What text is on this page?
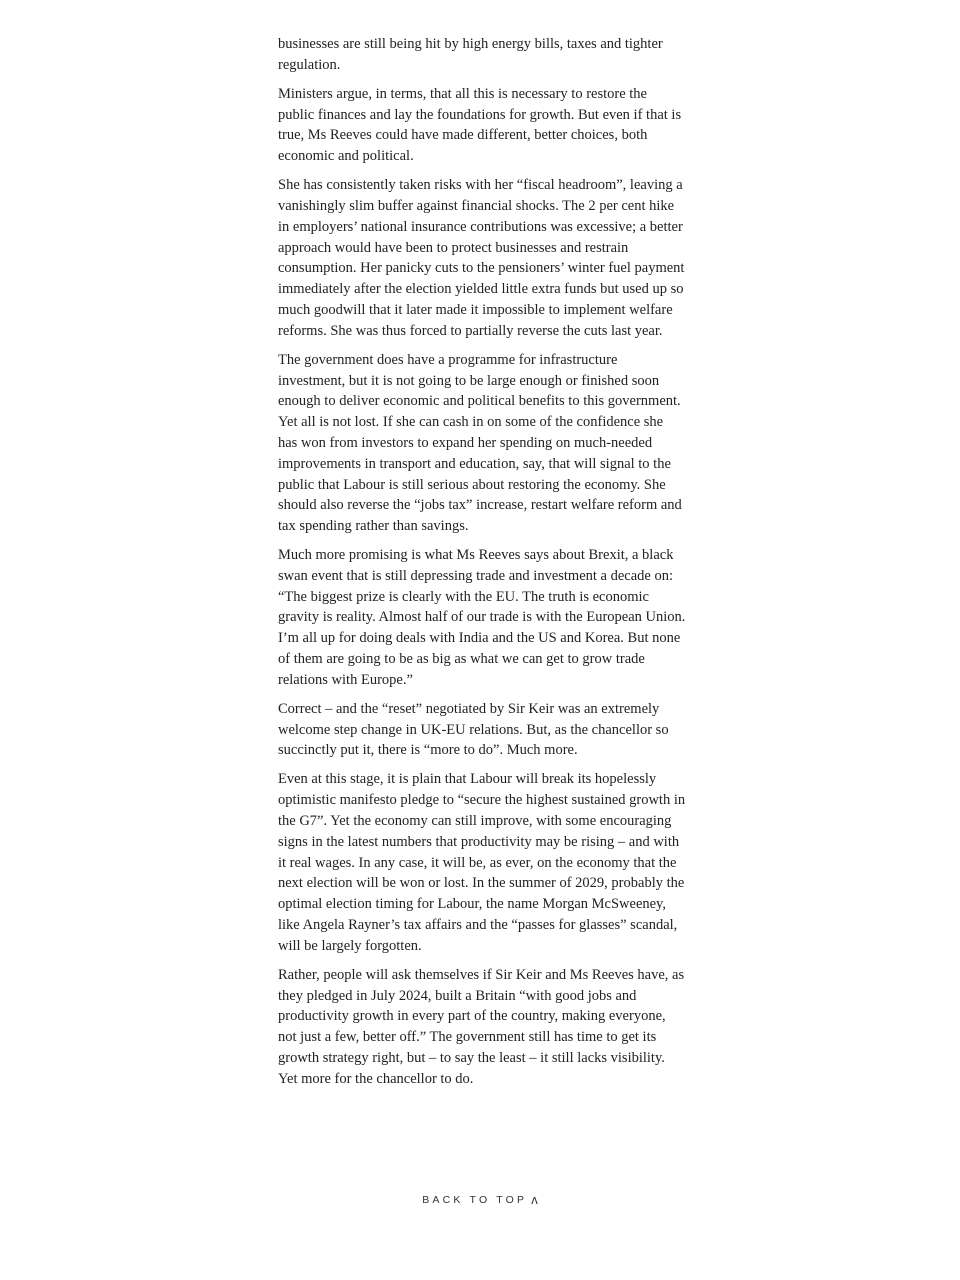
businesses are still being hit by high energy bills, taxes and tighter regulation.

Ministers argue, in terms, that all this is necessary to restore the public finances and lay the foundations for growth. But even if that is true, Ms Reeves could have made different, better choices, both economic and political.

She has consistently taken risks with her “fiscal headroom”, leaving a vanishingly slim buffer against financial shocks. The 2 per cent hike in employers’ national insurance contributions was excessive; a better approach would have been to protect businesses and restrain consumption. Her panicky cuts to the pensioners’ winter fuel payment immediately after the election yielded little extra funds but used up so much goodwill that it later made it impossible to implement welfare reforms. She was thus forced to partially reverse the cuts last year.

The government does have a programme for infrastructure investment, but it is not going to be large enough or finished soon enough to deliver economic and political benefits to this government. Yet all is not lost. If she can cash in on some of the confidence she has won from investors to expand her spending on much-needed improvements in transport and education, say, that will signal to the public that Labour is still serious about restoring the economy. She should also reverse the “jobs tax” increase, restart welfare reform and tax spending rather than savings.

Much more promising is what Ms Reeves says about Brexit, a black swan event that is still depressing trade and investment a decade on: “The biggest prize is clearly with the EU. The truth is economic gravity is reality. Almost half of our trade is with the European Union. I’m all up for doing deals with India and the US and Korea. But none of them are going to be as big as what we can get to grow trade relations with Europe.”

Correct – and the “reset” negotiated by Sir Keir was an extremely welcome step change in UK-EU relations. But, as the chancellor so succinctly put it, there is “more to do”. Much more.

Even at this stage, it is plain that Labour will break its hopelessly optimistic manifesto pledge to “secure the highest sustained growth in the G7”. Yet the economy can still improve, with some encouraging signs in the latest numbers that productivity may be rising – and with it real wages. In any case, it will be, as ever, on the economy that the next election will be won or lost. In the summer of 2029, probably the optimal election timing for Labour, the name Morgan McSweeney, like Angela Rayner’s tax affairs and the “passes for glasses” scandal, will be largely forgotten.

Rather, people will ask themselves if Sir Keir and Ms Reeves have, as they pledged in July 2024, built a Britain “with good jobs and productivity growth in every part of the country, making everyone, not just a few, better off.” The government still has time to get its growth strategy right, but – to say the least – it still lacks visibility. Yet more for the chancellor to do.

BACK TO TOP ʌ
